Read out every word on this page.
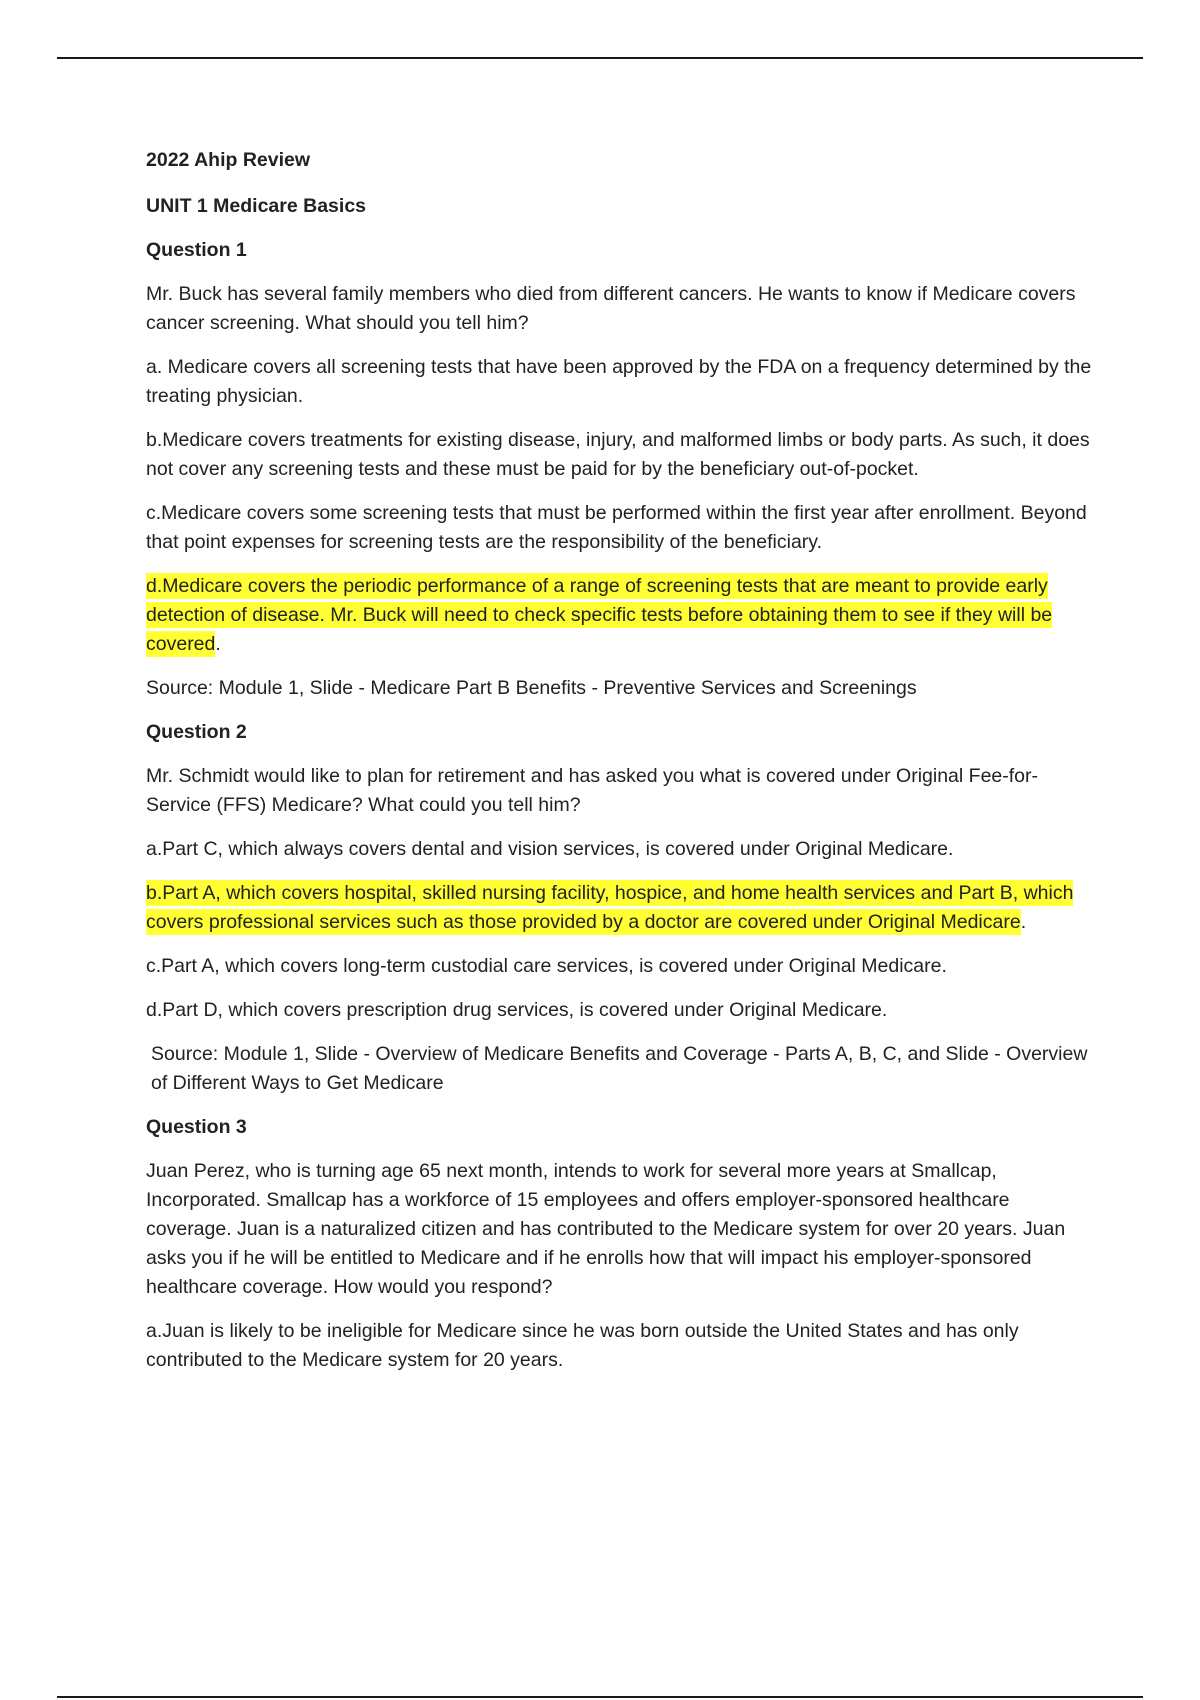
2022 Ahip Review

UNIT 1 Medicare Basics

Question 1

Mr. Buck has several family members who died from different cancers. He wants to know if Medicare covers cancer screening. What should you tell him?

a. Medicare covers all screening tests that have been approved by the FDA on a frequency determined by the treating physician.

b.Medicare covers treatments for existing disease, injury, and malformed limbs or body parts. As such, it does not cover any screening tests and these must be paid for by the beneficiary out-of-pocket.

c.Medicare covers some screening tests that must be performed within the first year after enrollment. Beyond that point expenses for screening tests are the responsibility of the beneficiary.

d.Medicare covers the periodic performance of a range of screening tests that are meant to provide early detection of disease. Mr. Buck will need to check specific tests before obtaining them to see if they will be covered.

Source: Module 1, Slide - Medicare Part B Benefits - Preventive Services and Screenings

Question 2

Mr. Schmidt would like to plan for retirement and has asked you what is covered under Original Fee-for-Service (FFS) Medicare? What could you tell him?

a.Part C, which always covers dental and vision services, is covered under Original Medicare.

b.Part A, which covers hospital, skilled nursing facility, hospice, and home health services and Part B, which covers professional services such as those provided by a doctor are covered under Original Medicare.

c.Part A, which covers long-term custodial care services, is covered under Original Medicare.

d.Part D, which covers prescription drug services, is covered under Original Medicare.

Source: Module 1, Slide - Overview of Medicare Benefits and Coverage - Parts A, B, C, and Slide - Overview of Different Ways to Get Medicare

Question 3

Juan Perez, who is turning age 65 next month, intends to work for several more years at Smallcap, Incorporated. Smallcap has a workforce of 15 employees and offers employer-sponsored healthcare coverage. Juan is a naturalized citizen and has contributed to the Medicare system for over 20 years. Juan asks you if he will be entitled to Medicare and if he enrolls how that will impact his employer-sponsored healthcare coverage. How would you respond?

a.Juan is likely to be ineligible for Medicare since he was born outside the United States and has only contributed to the Medicare system for 20 years.
